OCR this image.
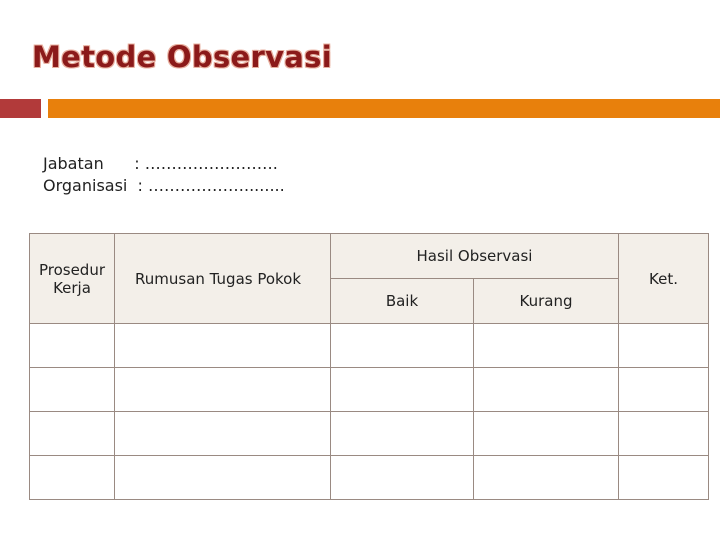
Metode Observasi
Jabatan      : …………………….
Organisasi  : ………………........
Prosedur Kerja	Rumusan Tugas Pokok	Hasil Observasi		Ket.
		Baik	Kurang	
